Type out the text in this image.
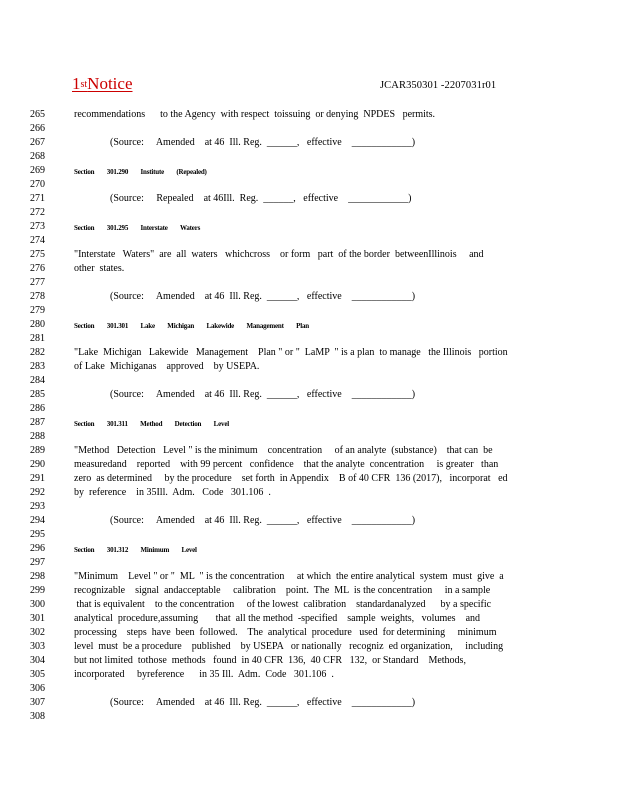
1stNotice	JCAR350301 -2207031r01
265	recommendations      to the Agency  with respect  toissuing  or denying  NPDES   permits.
266
267	(Source:     Amended    at 46  Ill. Reg.  ______,   effective    ____________)
268
269	Section        301.290        Institute        (Repealed)
270
271	(Source:     Repealed    at 46Ill.  Reg.  ______,   effective    ____________)
272
273	Section        301.295        Interstate        Waters
274
275	"Interstate   Waters"  are  all  waters   whichcross    or form   part  of the border  betweenIllinois     and
276	other  states.
277
278	(Source:     Amended    at 46  Ill. Reg.  ______,   effective    ____________)
279
280	Section        301.301        Lake        Michigan        Lakewide        Management        Plan
281
282	"Lake  Michigan   Lakewide   Management    Plan " or "  LaMP  " is a plan  to manage   the Illinois   portion
283	of Lake  Michiganas    approved    by USEPA.
284
285	(Source:     Amended    at 46  Ill. Reg.  ______,   effective    ____________)
286
287	Section        301.311        Method        Detection        Level
288
289	"Method   Detection   Level " is the minimum    concentration     of an analyte  (substance)    that can  be
290	measuredand    reported    with 99 percent   confidence    that the analyte  concentration     is greater   than
291	zero  as determined     by the procedure    set forth  in Appendix    B of 40 CFR  136 (2017),   incorporat   ed
292	by  reference    in 35Ill.  Adm.   Code   301.106  .
293
294	(Source:     Amended    at 46  Ill. Reg.  ______,   effective    ____________)
295
296	Section        301.312        Minimum        Level
297
298	"Minimum    Level " or "  ML  " is the concentration     at which  the entire analytical  system  must  give  a
299	recognizable    signal  andacceptable     calibration    point.  The  ML  is the concentration     in a sample
300	that is equivalent    to the concentration     of the lowest  calibration    standardanalyzed      by a specific
301	analytical  procedure,assuming       that  all the method  -specified    sample  weights,   volumes    and
302	processing    steps  have  been  followed.    The  analytical  procedure   used  for determining     minimum
303	level  must  be a procedure    published    by USEPA   or nationally   recogniz  ed organization,     including
304	but not limited  tothose  methods   found  in 40 CFR  136,  40 CFR   132,  or Standard    Methods,
305	incorporated     byreference      in 35 Ill.  Adm.  Code   301.106  .
306
307	(Source:     Amended    at 46  Ill. Reg.  ______,   effective    ____________)
308
